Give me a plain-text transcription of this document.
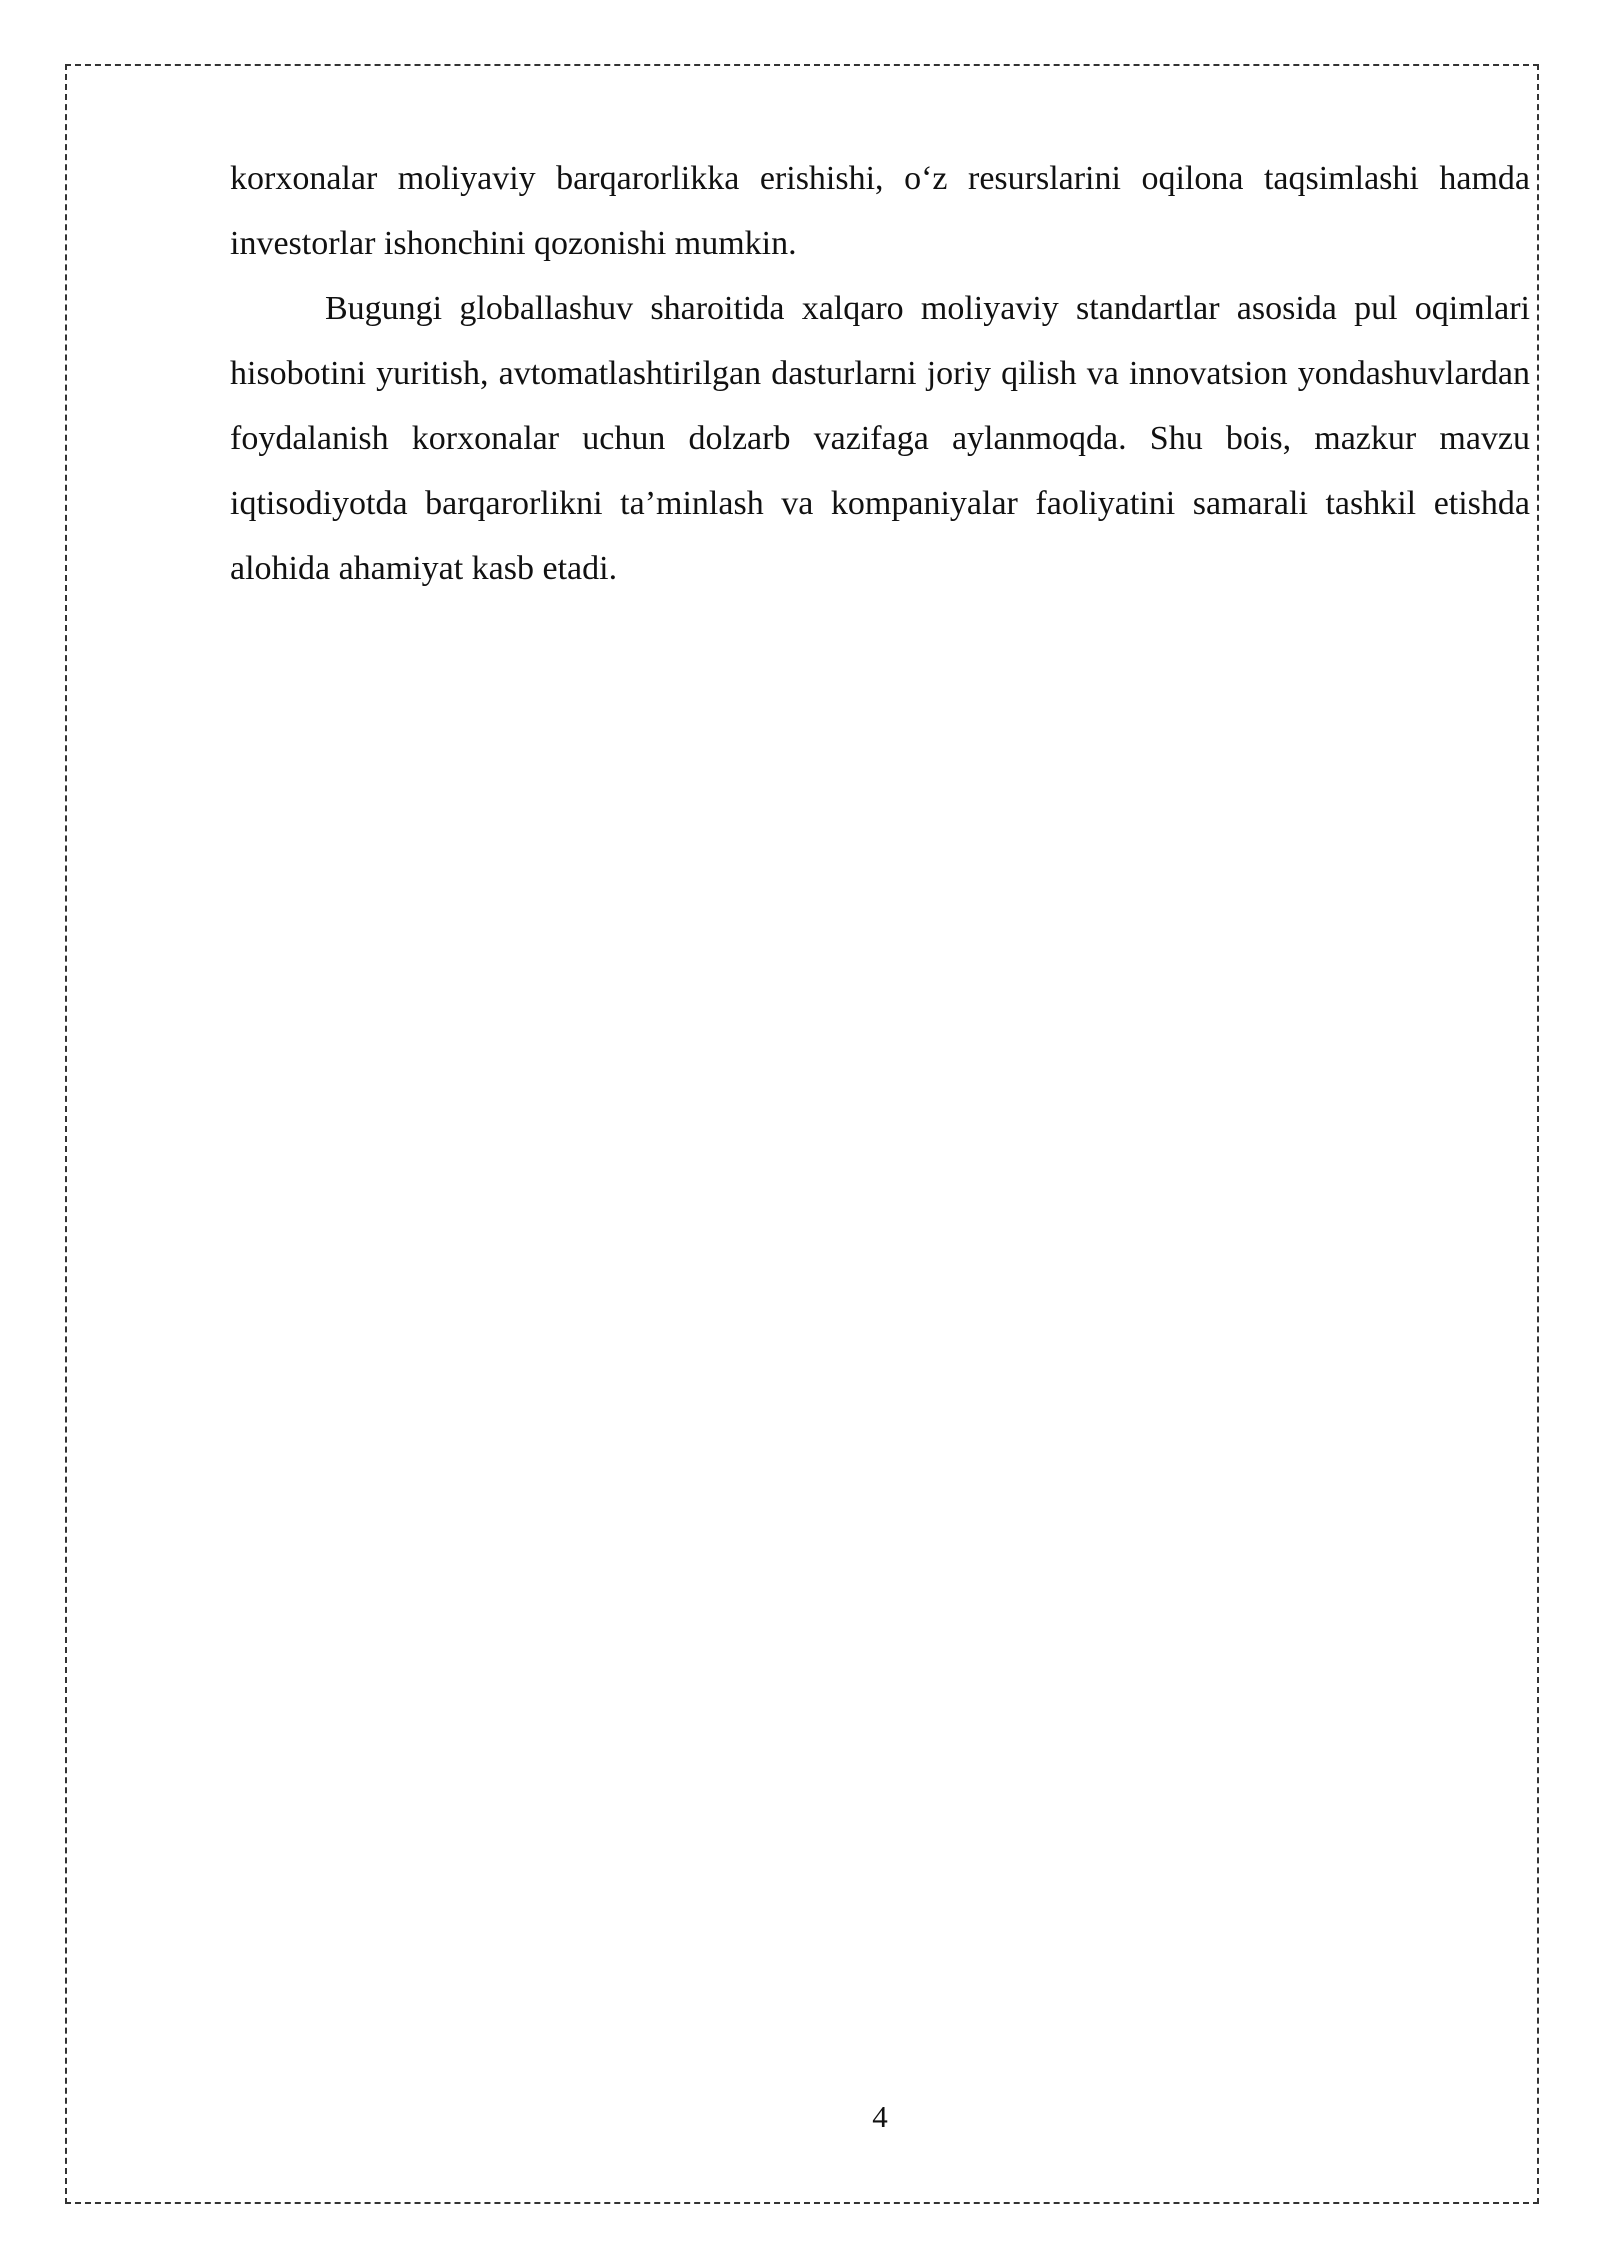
korxonalar moliyaviy barqarorlikka erishishi, o‘z resurslarini oqilona taqsimlashi hamda investorlar ishonchini qozonishi mumkin.

Bugungi globallashuv sharoitida xalqaro moliyaviy standartlar asosida pul oqimlari hisobotini yuritish, avtomatlashtirilgan dasturlarni joriy qilish va innovatsion yondashuvlardan foydalanish korxonalar uchun dolzarb vazifaga aylanmoqda. Shu bois, mazkur mavzu iqtisodiyotda barqarorlikni ta’minlash va kompaniyalar faoliyatini samarali tashkil etishda alohida ahamiyat kasb etadi.

4
